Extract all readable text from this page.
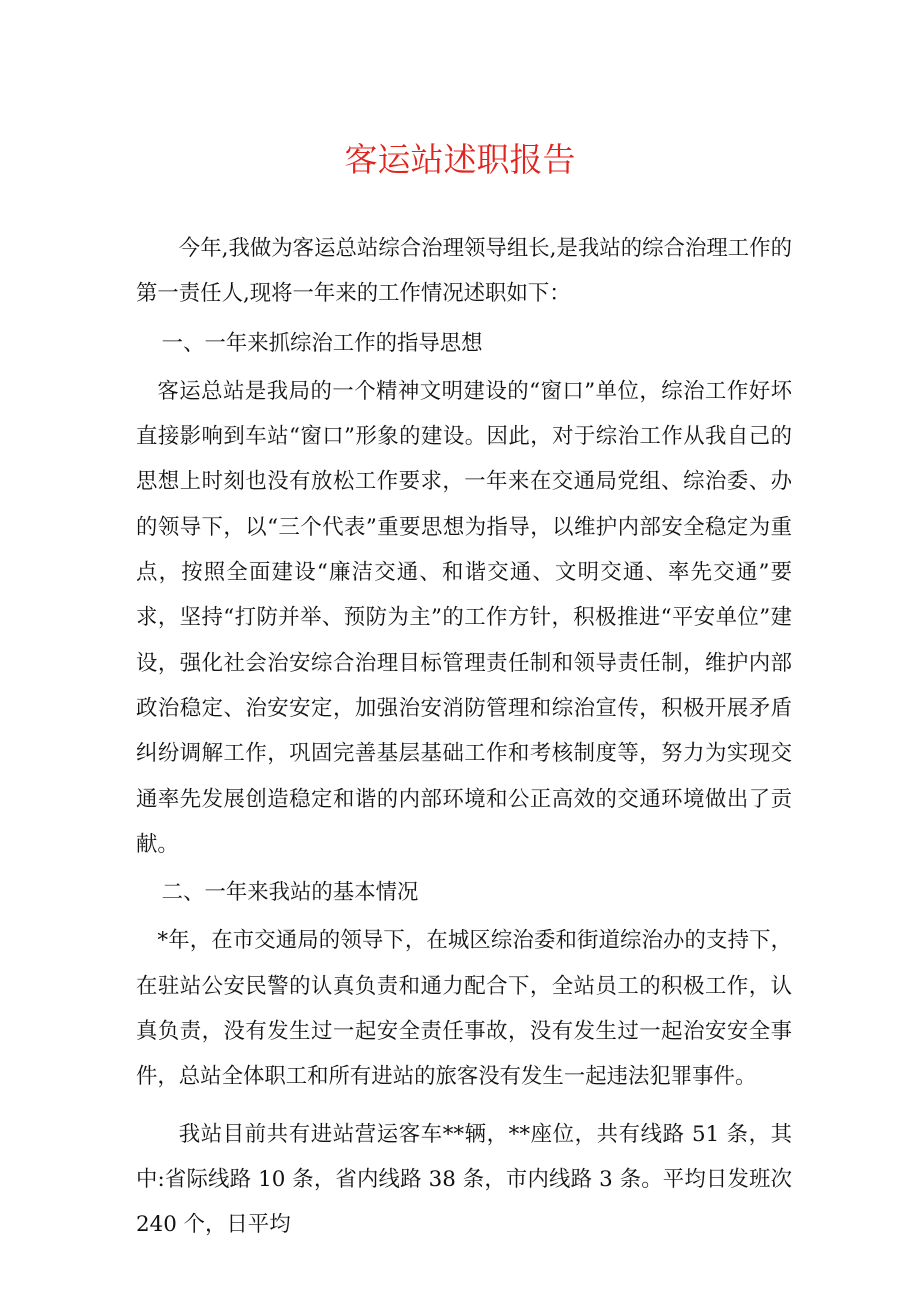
客运站述职报告

今年,我做为客运总站综合治理领导组长,是我站的综合治理工作的第一责任人,现将一年来的工作情况述职如下：

一、一年来抓综治工作的指导思想

客运总站是我局的一个精神文明建设的“窗口”单位，综治工作好坏直接影响到车站“窗口”形象的建设。因此，对于综治工作从我自己的思想上时刻也没有放松工作要求，一年来在交通局党组、综治委、办的领导下，以“三个代表”重要思想为指导，以维护内部安全稳定为重点，按照全面建设“廉洁交通、和谐交通、文明交通、率先交通”要求，坚持“打防并举、预防为主”的工作方针，积极推进“平安单位”建设，强化社会治安综合治理目标管理责任制和领导责任制，维护内部政治稳定、治安安定，加强治安消防管理和综治宣传，积极开展矛盾纠纷调解工作，巩固完善基层基础工作和考核制度等，努力为实现交通率先发展创造稳定和谐的内部环境和公正高效的交通环境做出了贡献。

二、一年来我站的基本情况

*年，在市交通局的领导下，在城区综治委和街道综治办的支持下，在驻站公安民警的认真负责和通力配合下，全站员工的积极工作，认真负责，没有发生过一起安全责任事故，没有发生过一起治安安全事件，总站全体职工和所有进站的旅客没有发生一起违法犯罪事件。

我站目前共有进站营运客车**辆，**座位，共有线路 51 条，其中:省际线路 10 条，省内线路 38 条，市内线路 3 条。平均日发班次 240 个，日平均
